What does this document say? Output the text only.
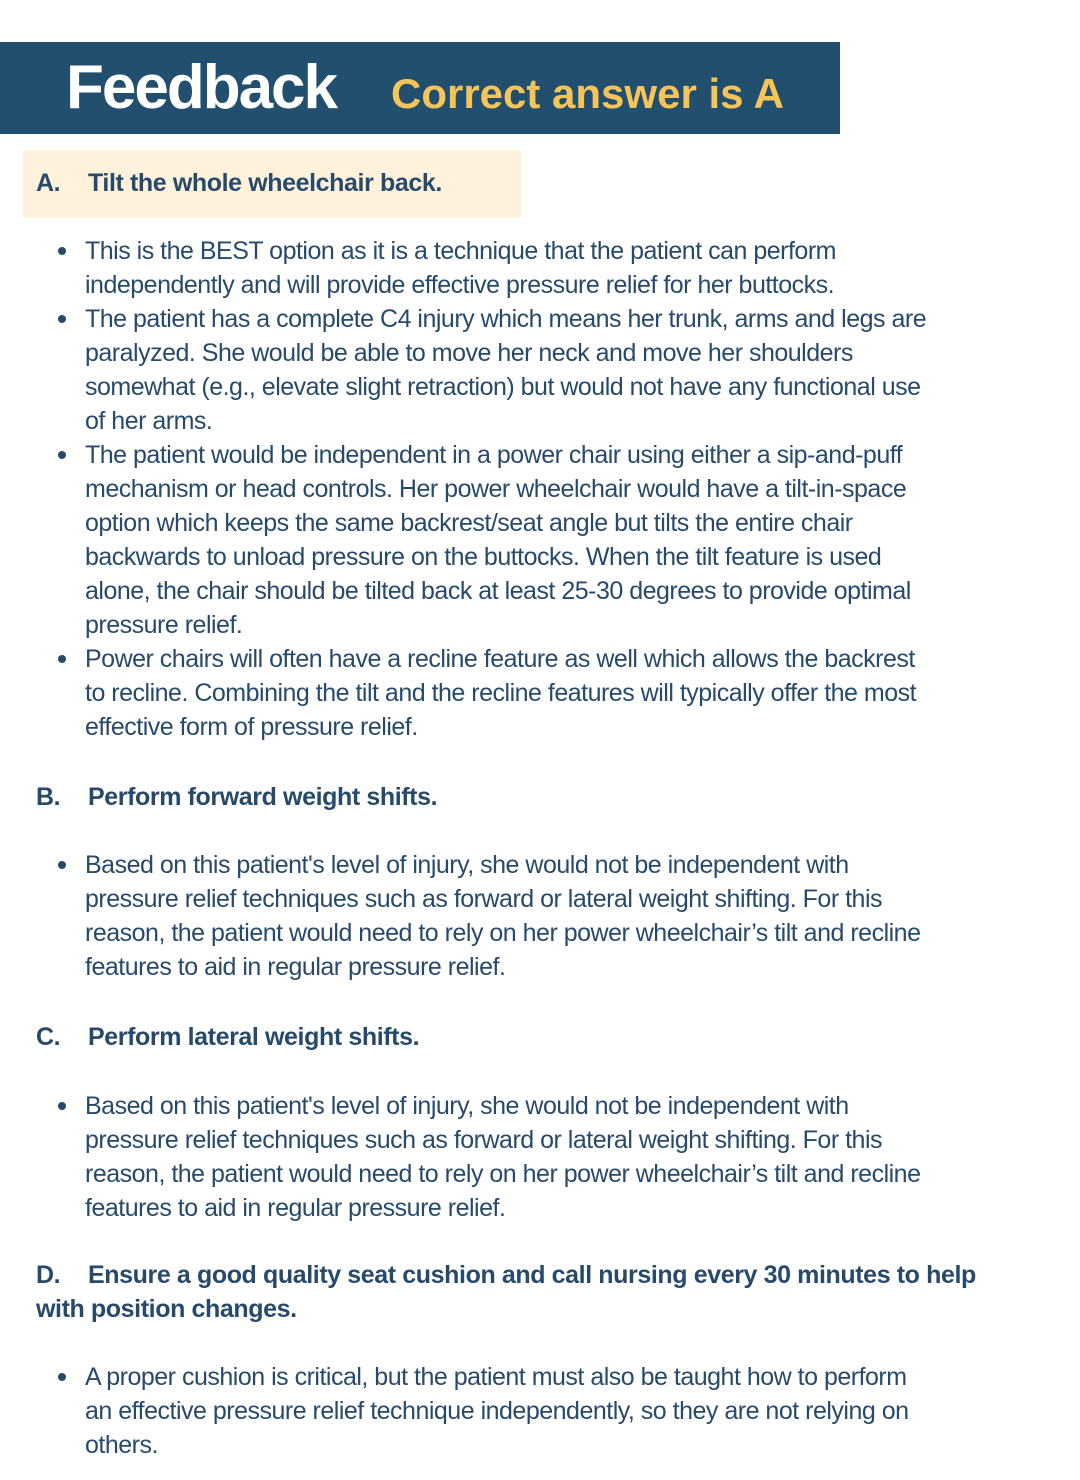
Feedback Correct answer is A

A. Tilt the whole wheelchair back.

This is the BEST option as it is a technique that the patient can perform
independently and will provide effective pressure relief for her buttocks.
The patient has a complete C4 injury which means her trunk, arms and legs are
paralyzed. She would be able to move her neck and move her shoulders
somewhat (e.g., elevate slight retraction) but would not have any functional use
of her arms.
The patient would be independent in a power chair using either a sip-and-puff
mechanism or head controls. Her power wheelchair would have a tilt-in-space
option which keeps the same backrest/seat angle but tilts the entire chair
backwards to unload pressure on the buttocks. When the tilt feature is used
alone, the chair should be tilted back at least 25-30 degrees to provide optimal
pressure relief.
Power chairs will often have a recline feature as well which allows the backrest
to recline. Combining the tilt and the recline features will typically offer the most
effective form of pressure relief.

B. Perform forward weight shifts.

Based on this patient's level of injury, she would not be independent with
pressure relief techniques such as forward or lateral weight shifting. For this
reason, the patient would need to rely on her power wheelchair’s tilt and recline
features to aid in regular pressure relief.

C. Perform lateral weight shifts.

Based on this patient's level of injury, she would not be independent with
pressure relief techniques such as forward or lateral weight shifting. For this
reason, the patient would need to rely on her power wheelchair’s tilt and recline
features to aid in regular pressure relief.

D. Ensure a good quality seat cushion and call nursing every 30 minutes to help
with position changes.

A proper cushion is critical, but the patient must also be taught how to perform
an effective pressure relief technique independently, so they are not relying on
others.
